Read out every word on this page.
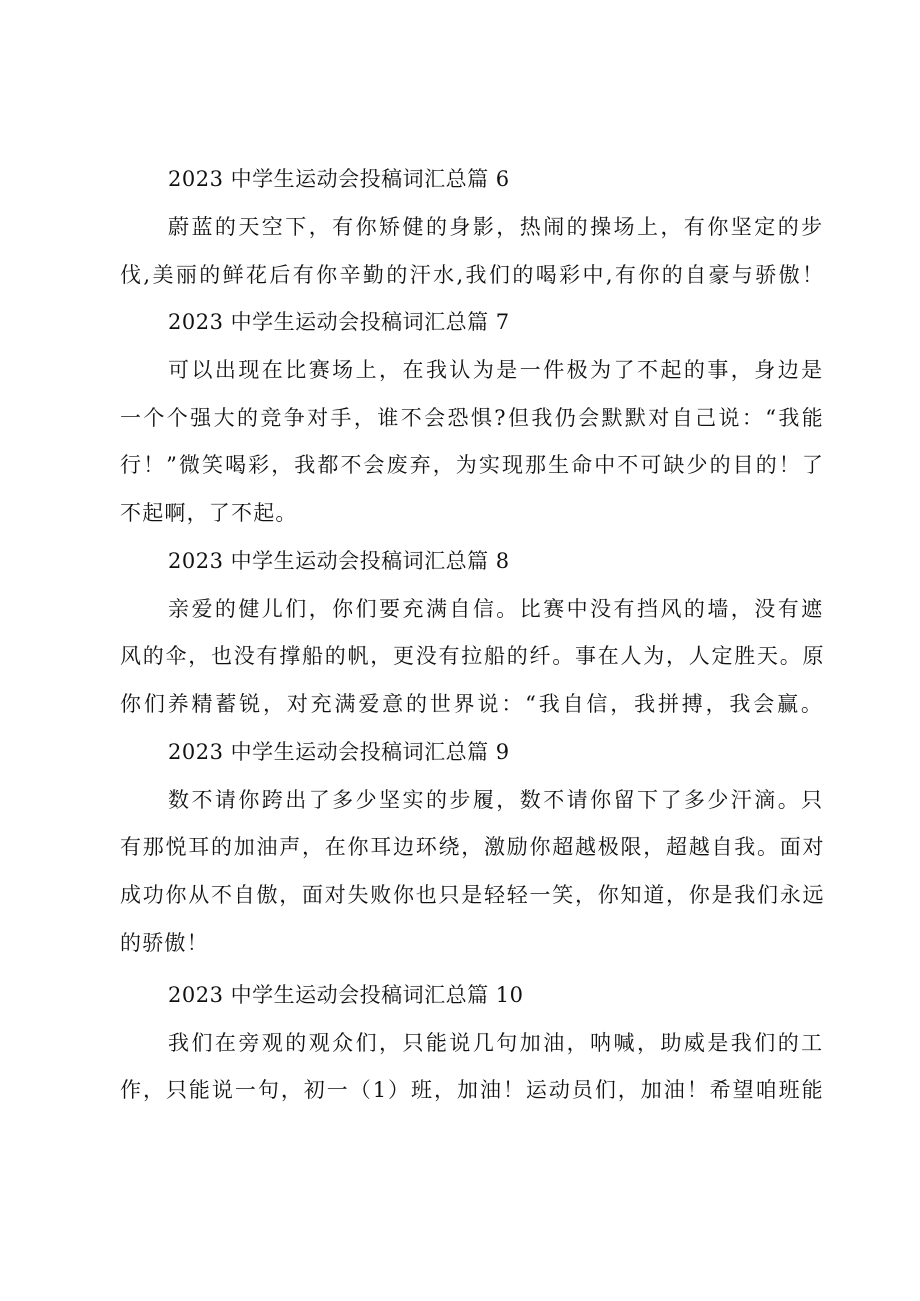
2023 中学生运动会投稿词汇总篇 6
蔚蓝的天空下，有你矫健的身影，热闹的操场上，有你坚定的步
伐,美丽的鲜花后有你辛勤的汗水,我们的喝彩中,有你的自豪与骄傲！
2023 中学生运动会投稿词汇总篇 7
可以出现在比赛场上，在我认为是一件极为了不起的事，身边是
一个个强大的竞争对手，谁不会恐惧?但我仍会默默对自己说：“我能
行！”微笑喝彩，我都不会废弃，为实现那生命中不可缺少的目的！了
不起啊，了不起。
2023 中学生运动会投稿词汇总篇 8
亲爱的健儿们，你们要充满自信。比赛中没有挡风的墙，没有遮
风的伞，也没有撑船的帆，更没有拉船的纤。事在人为，人定胜天。原
你们养精蓄锐，对充满爱意的世界说：“我自信，我拼搏，我会赢。
2023 中学生运动会投稿词汇总篇 9
数不请你跨出了多少坚实的步履，数不请你留下了多少汗滴。只
有那悦耳的加油声，在你耳边环绕，激励你超越极限，超越自我。面对
成功你从不自傲，面对失败你也只是轻轻一笑，你知道，你是我们永远
的骄傲！
2023 中学生运动会投稿词汇总篇 10
我们在旁观的观众们，只能说几句加油，呐喊，助威是我们的工
作，只能说一句，初一（1）班，加油！运动员们，加油！希望咱班能
